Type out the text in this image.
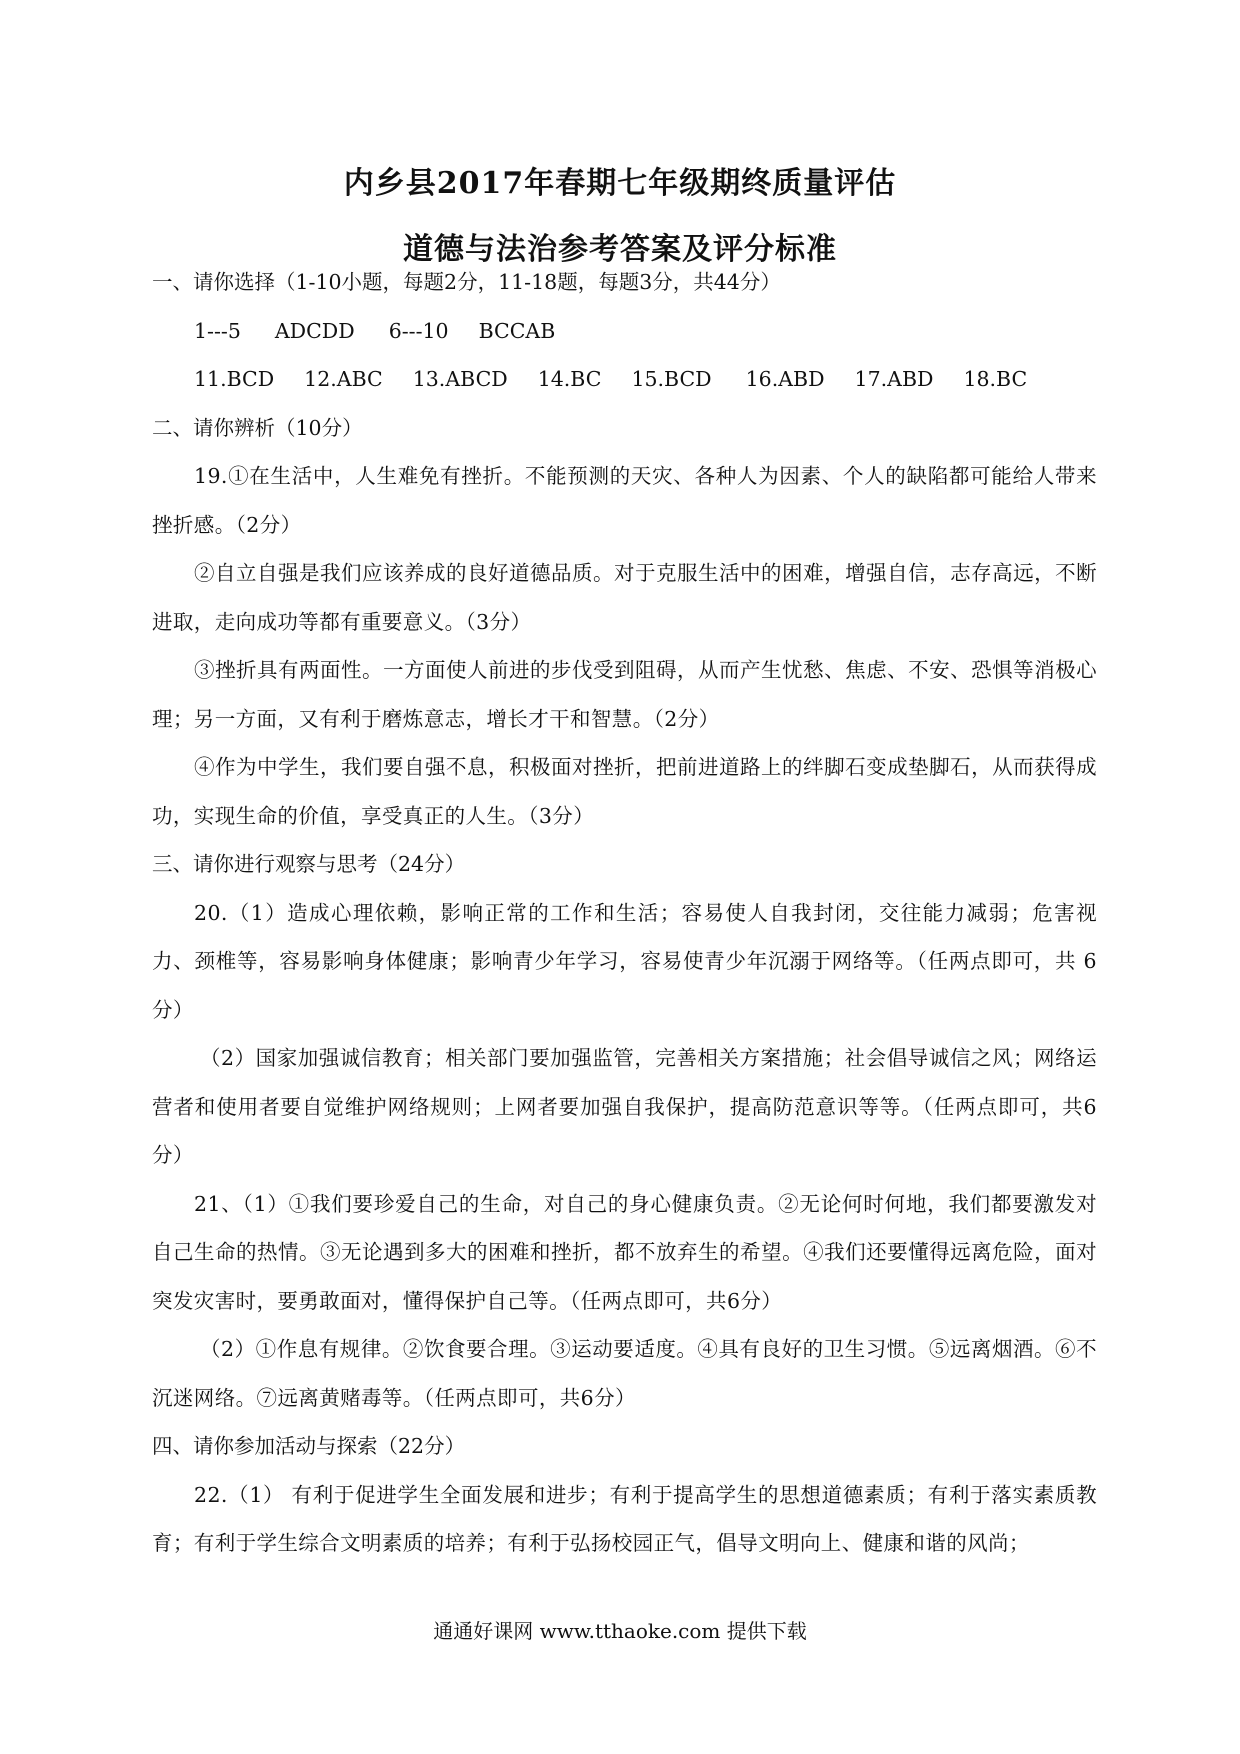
内乡县2017年春期七年级期终质量评估
道德与法治参考答案及评分标准

一、请你选择（1-10小题，每题2分，11-18题，每题3分，共44分）

1---5 ADCDD 6---10 BCCAB

11.BCD 12.ABC 13.ABCD 14.BC 15.BCD 16.ABD 17.ABD 18.BC

二、请你辨析（10分）

19.①在生活中，人生难免有挫折。不能预测的天灾、各种人为因素、个人的缺陷都可能给人带来挫折感。（2分）

②自立自强是我们应该养成的良好道德品质。对于克服生活中的困难，增强自信，志存高远，不断进取，走向成功等都有重要意义。（3分）

③挫折具有两面性。一方面使人前进的步伐受到阻碍，从而产生忧愁、焦虑、不安、恐惧等消极心理；另一方面，又有利于磨炼意志，增长才干和智慧。（2分）

④作为中学生，我们要自强不息，积极面对挫折，把前进道路上的绊脚石变成垫脚石，从而获得成功，实现生命的价值，享受真正的人生。（3分）

三、请你进行观察与思考（24分）

20.（1）造成心理依赖，影响正常的工作和生活；容易使人自我封闭，交往能力减弱；危害视力、颈椎等，容易影响身体健康；影响青少年学习，容易使青少年沉溺于网络等。（任两点即可，共 6 分）

（2）国家加强诚信教育；相关部门要加强监管，完善相关方案措施；社会倡导诚信之风；网络运营者和使用者要自觉维护网络规则；上网者要加强自我保护，提高防范意识等等。（任两点即可，共6分）

21、（1）①我们要珍爱自己的生命，对自己的身心健康负责。②无论何时何地，我们都要激发对自己生命的热情。③无论遇到多大的困难和挫折，都不放弃生的希望。④我们还要懂得远离危险，面对突发灾害时，要勇敢面对，懂得保护自己等。（任两点即可，共6分）

（2）①作息有规律。②饮食要合理。③运动要适度。④具有良好的卫生习惯。⑤远离烟酒。⑥不沉迷网络。⑦远离黄赌毒等。（任两点即可，共6分）

四、请你参加活动与探索（22分）

22.（1） 有利于促进学生全面发展和进步；有利于提高学生的思想道德素质；有利于落实素质教育；有利于学生综合文明素质的培养；有利于弘扬校园正气，倡导文明向上、健康和谐的风尚；

通通好课网 www.tthaoke.com 提供下载
